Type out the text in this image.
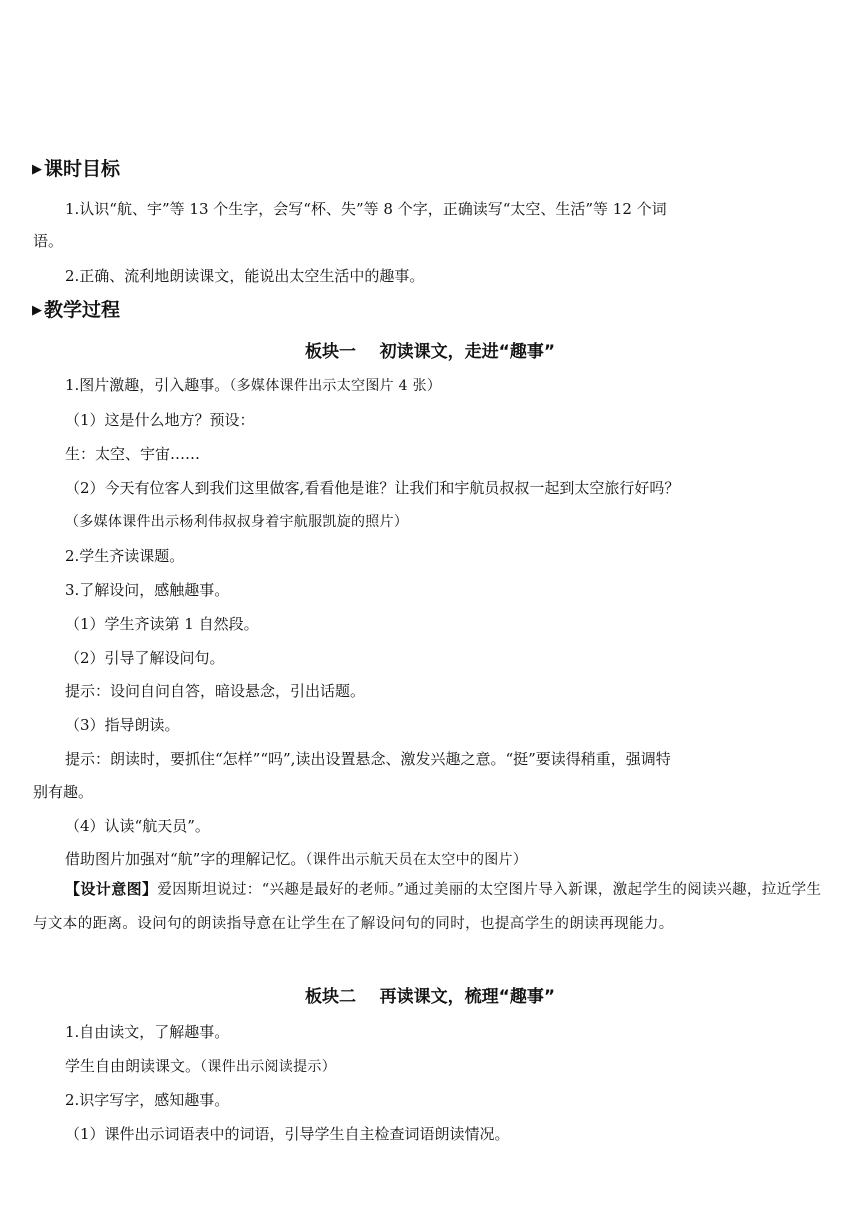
▶ 课时目标
1.认识“航、宇”等 13 个生字，会写“杯、失”等 8 个字，正确读写“太空、生活”等 12 个词
语。
2.正确、流利地朗读课文，能说出太空生活中的趣事。
▶ 教学过程
板块一    初读课文，走进“趣事”
1.图片激趣，引入趣事。（多媒体课件出示太空图片 4 张）
（1）这是什么地方？预设：
生：太空、宇宙……
（2）今天有位客人到我们这里做客,看看他是谁？让我们和宇航员叔叔一起到太空旅行好吗？
（多媒体课件出示杨利伟叔叔身着宇航服凯旋的照片）
2.学生齐读课题。
3.了解设问，感触趣事。
（1）学生齐读第 1 自然段。
（2）引导了解设问句。
提示：设问自问自答，暗设悬念，引出话题。
（3）指导朗读。
提示：朗读时，要抓住“怎样”“吗”,读出设置悬念、激发兴趣之意。“挺”要读得稍重，强调特
别有趣。
（4）认读“航天员”。
借助图片加强对“航”字的理解记忆。（课件出示航天员在太空中的图片）
【设计意图】爱因斯坦说过：“兴趣是最好的老师。”通过美丽的太空图片导入新课，激起学生的阅读兴趣，拉近学生与文本的距离。设问句的朗读指导意在让学生在了解设问句的同时，也提高学生的朗读再现能力。
板块二    再读课文，梳理“趣事”
1.自由读文，了解趣事。
学生自由朗读课文。（课件出示阅读提示）
2.识字写字，感知趣事。
（1）课件出示词语表中的词语，引导学生自主检查词语朗读情况。
